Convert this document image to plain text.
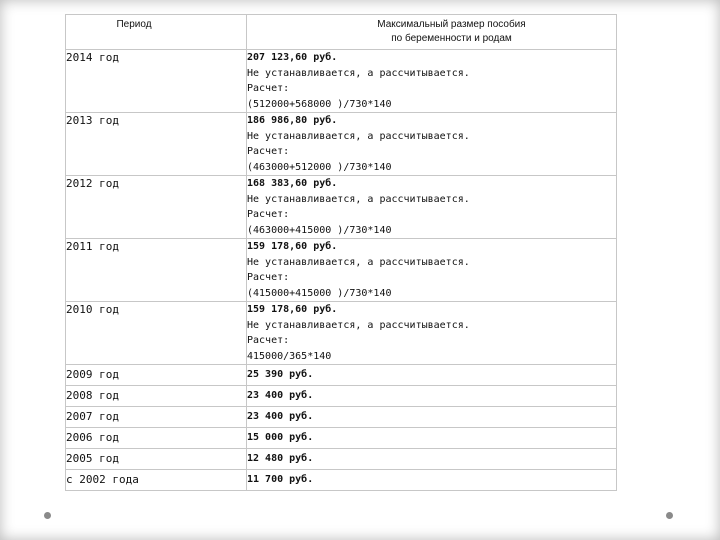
Период	Максимальный размер пособия
по беременности и родам

2014 год	207 123,60 руб.
Не устанавливается, а рассчитывается.
Расчет:
(512000+568000 )/730*140

2013 год	186 986,80 руб.
Не устанавливается, а рассчитывается.
Расчет:
(463000+512000 )/730*140

2012 год	168 383,60 руб.
Не устанавливается, а рассчитывается.
Расчет:
(463000+415000 )/730*140

2011 год	159 178,60 руб.
Не устанавливается, а рассчитывается.
Расчет:
(415000+415000 )/730*140

2010 год	159 178,60 руб.
Не устанавливается, а рассчитывается.
Расчет:
415000/365*140

2009 год	25 390 руб.

2008 год	23 400 руб.

2007 год	23 400 руб.

2006 год	15 000 руб.

2005 год	12 480 руб.

с 2002 года	11 700 руб.
